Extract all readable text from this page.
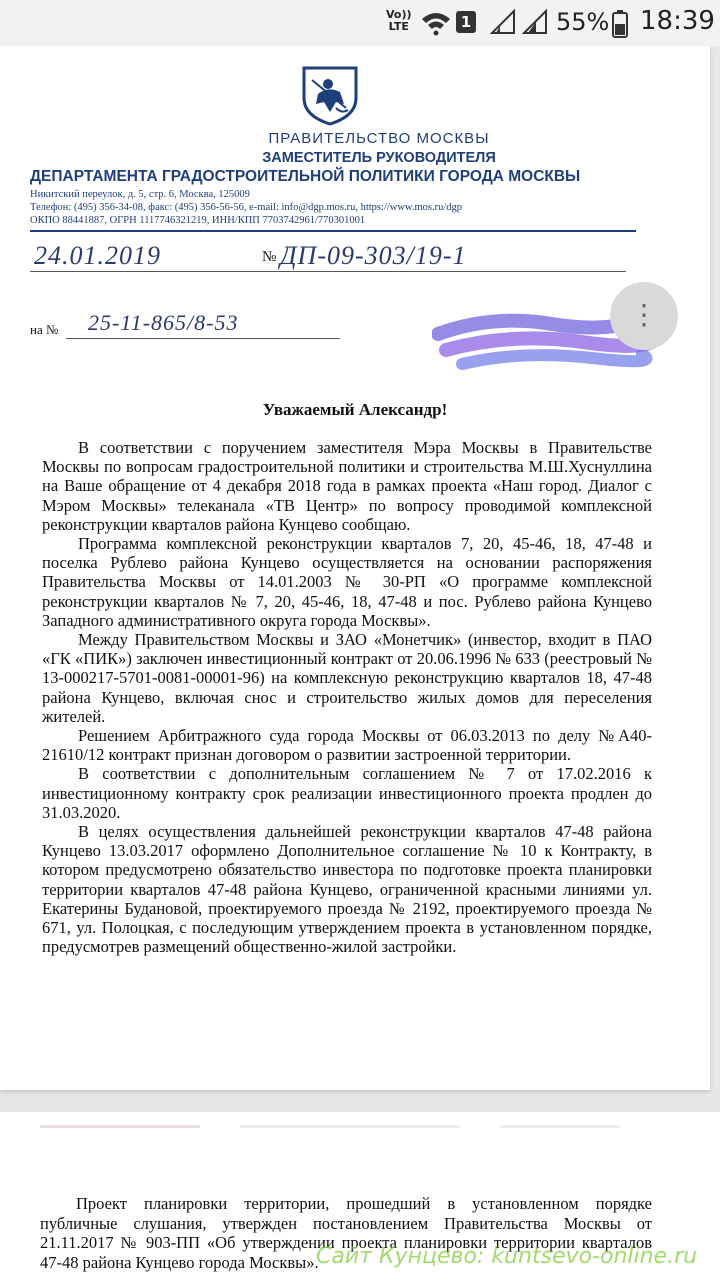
Vo))
LTE	1	55% 18:39
ПРАВИТЕЛЬСТВО МОСКВЫ
ЗАМЕСТИТЕЛЬ РУКОВОДИТЕЛЯ
ДЕПАРТАМЕНТА ГРАДОСТРОИТЕЛЬНОЙ ПОЛИТИКИ ГОРОДА МОСКВЫ
Никитский переулок, д. 5, стр. 6, Москва, 125009
Телефон: (495) 356-34-08, факс: (495) 356-56-56, e-mail: info@dgp.mos.ru, https://www.mos.ru/dgp
ОКПО 88441887, ОГРН 1117746321219, ИНН/КПП 7703742961/770301001
24.01.2019	№ ДП-09-303/19-1
на № 25-11-865/8-53
Уважаемый Александр!

В соответствии с поручением заместителя Мэра Москвы в Правительстве Москвы по вопросам градостроительной политики и строительства М.Ш.Хуснуллина на Ваше обращение от 4 декабря 2018 года в рамках проекта «Наш город. Диалог с Мэром Москвы» телеканала «ТВ Центр» по вопросу проводимой комплексной реконструкции кварталов района Кунцево сообщаю.

Программа комплексной реконструкции кварталов 7, 20, 45-46, 18, 47-48 и поселка Рублево района Кунцево осуществляется на основании распоряжения Правительства Москвы от 14.01.2003 № 30-РП «О программе комплексной реконструкции кварталов № 7, 20, 45-46, 18, 47-48 и пос. Рублево района Кунцево Западного административного округа города Москвы».

Между Правительством Москвы и ЗАО «Монетчик» (инвестор, входит в ПАО «ГК «ПИК») заключен инвестиционный контракт от 20.06.1996 № 633 (реестровый № 13-000217-5701-0081-00001-96) на комплексную реконструкцию кварталов 18, 47-48 района Кунцево, включая снос и строительство жилых домов для переселения жителей.

Решением Арбитражного суда города Москвы от 06.03.2013 по делу №А40-21610/12 контракт признан договором о развитии застроенной территории.

В соответствии с дополнительным соглашением № 7 от 17.02.2016 к инвестиционному контракту срок реализации инвестиционного проекта продлен до 31.03.2020.

В целях осуществления дальнейшей реконструкции кварталов 47-48 района Кунцево 13.03.2017 оформлено Дополнительное соглашение № 10 к Контракту, в котором предусмотрено обязательство инвестора по подготовке проекта планировки территории кварталов 47-48 района Кунцево, ограниченной красными линиями ул. Екатерины Будановой, проектируемого проезда № 2192, проектируемого проезда № 671, ул. Полоцкая, с последующим утверждением проекта в установленном порядке, предусмотрев размещений общественно-жилой застройки.

⋮

Проект планировки территории, прошедший в установленном порядке публичные слушания, утвержден постановлением Правительства Москвы от 21.11.2017 № 903-ПП «Об утверждении проекта планировки территории кварталов 47-48 района Кунцево города Москвы».

Сайт Кунцево: kuntsevo-online.ru
